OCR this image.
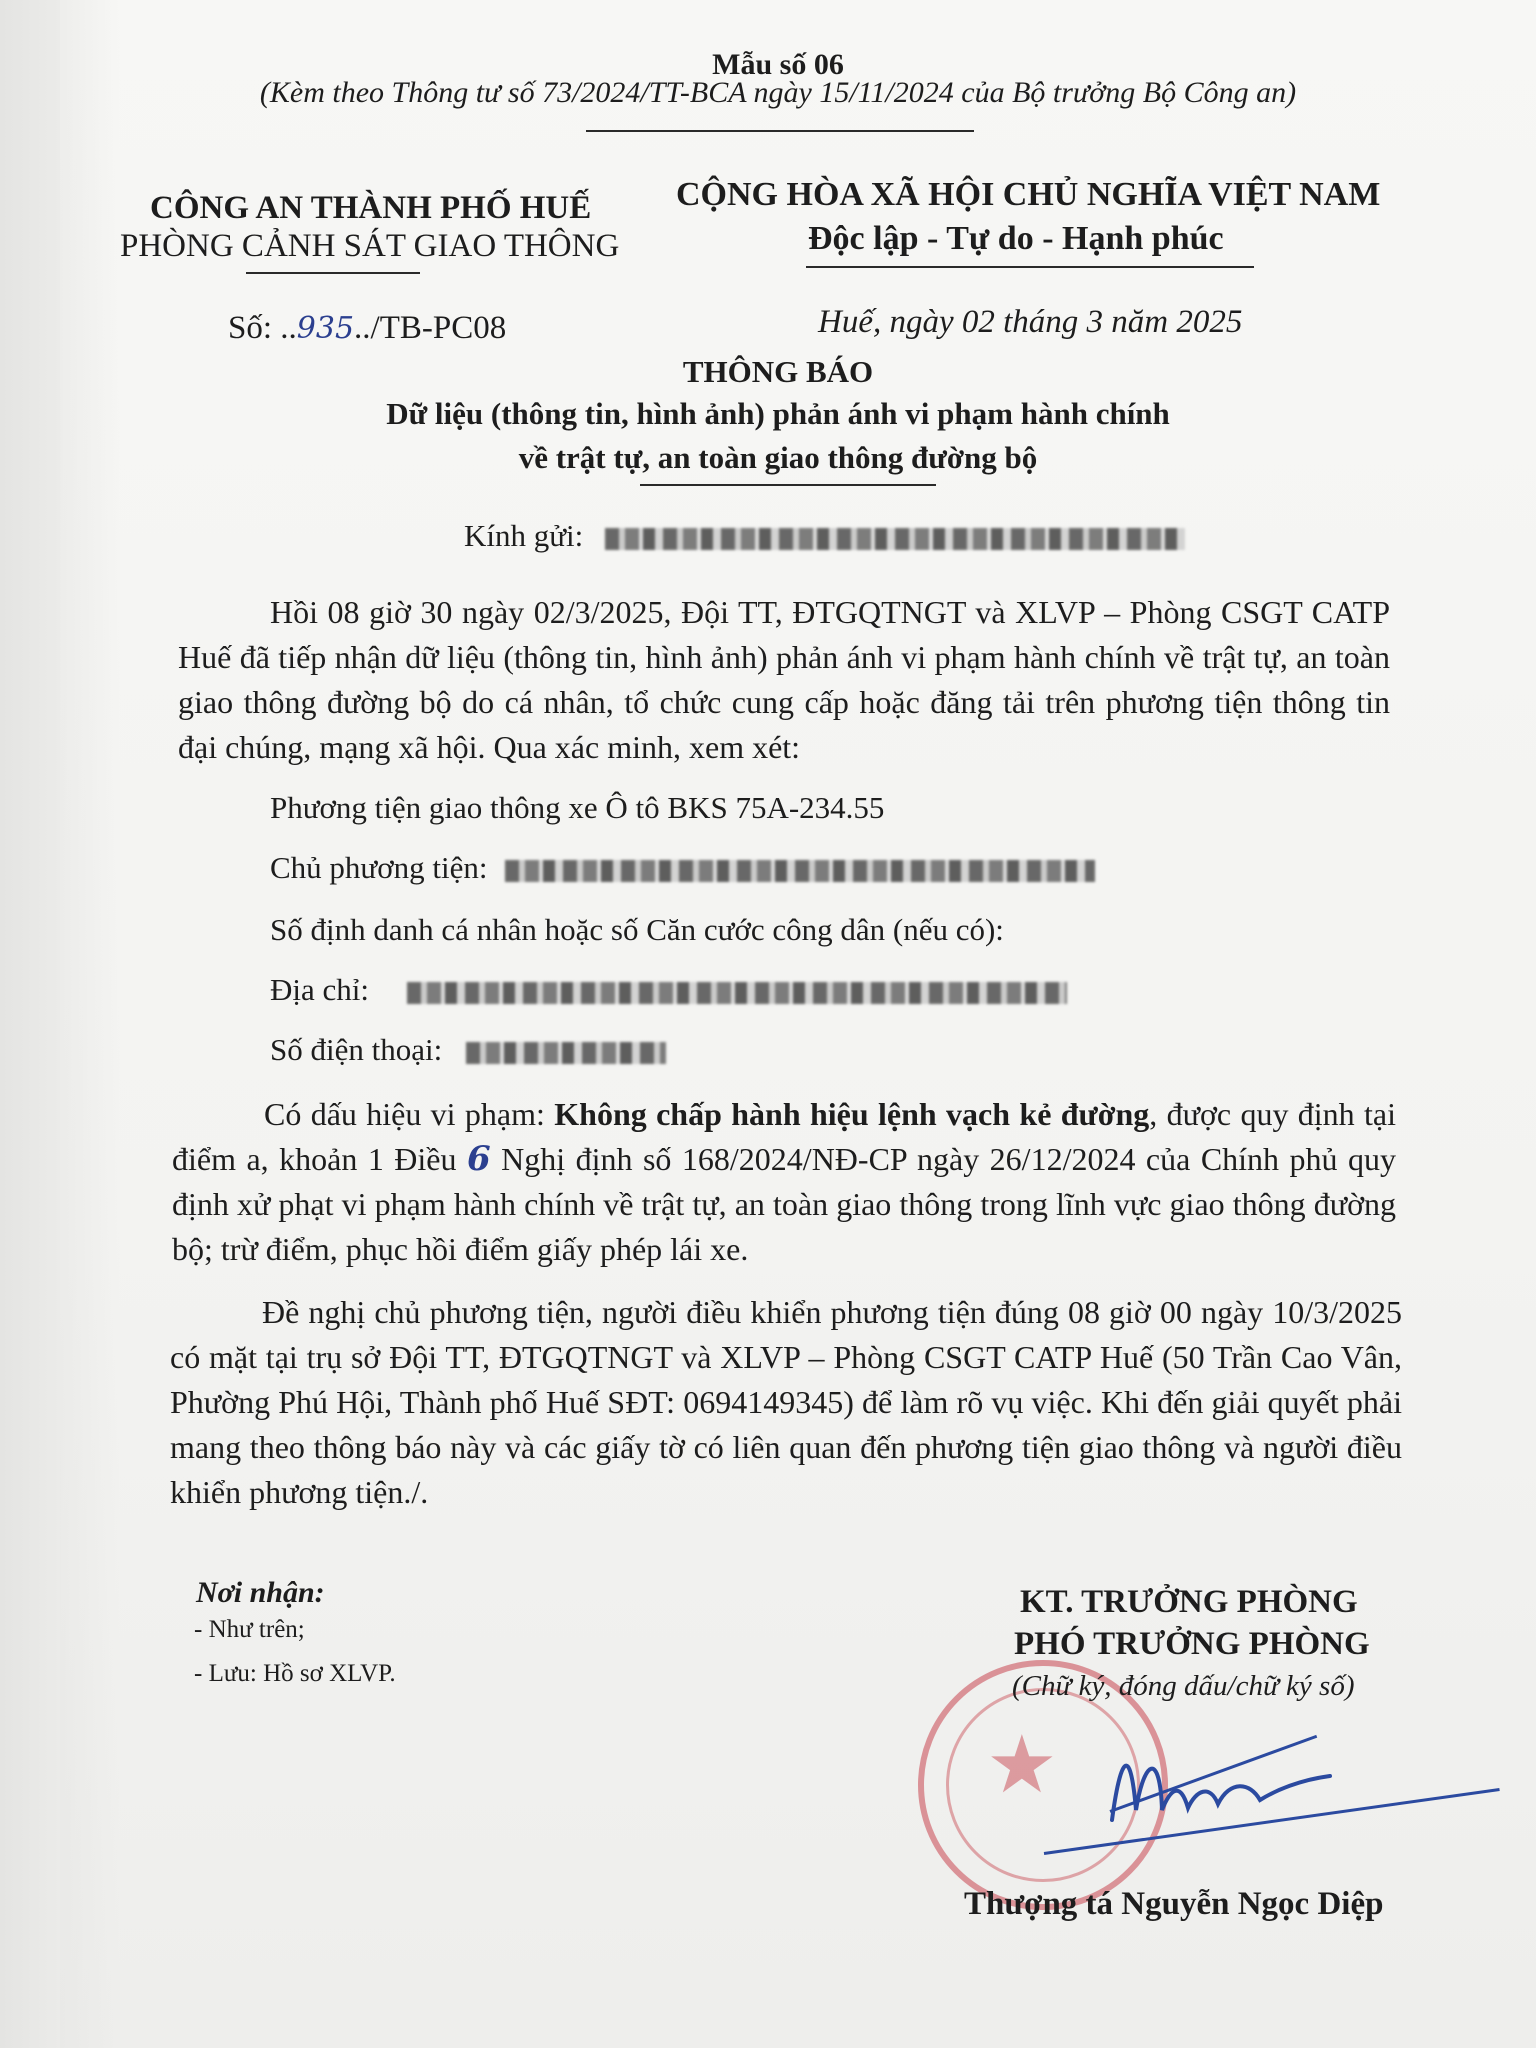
Mẫu số 06
(Kèm theo Thông tư số 73/2024/TT-BCA ngày 15/11/2024 của Bộ trưởng Bộ Công an)
CÔNG AN THÀNH PHỐ HUẾ
PHÒNG CẢNH SÁT GIAO THÔNG
Số: ..935../TB-PC08
CỘNG HÒA XÃ HỘI CHỦ NGHĨA VIỆT NAM
Độc lập - Tự do - Hạnh phúc
Huế, ngày 02 tháng 3 năm 2025
THÔNG BÁO
Dữ liệu (thông tin, hình ảnh) phản ánh vi phạm hành chính
về trật tự, an toàn giao thông đường bộ
Kính gửi:
Hồi 08 giờ 30 ngày 02/3/2025, Đội TT, ĐTGQTNGT và XLVP – Phòng CSGT CATP Huế đã tiếp nhận dữ liệu (thông tin, hình ảnh) phản ánh vi phạm hành chính về trật tự, an toàn giao thông đường bộ do cá nhân, tổ chức cung cấp hoặc đăng tải trên phương tiện thông tin đại chúng, mạng xã hội. Qua xác minh, xem xét:
Phương tiện giao thông xe Ô tô BKS 75A-234.55
Chủ phương tiện:
Số định danh cá nhân hoặc số Căn cước công dân (nếu có):
Địa chỉ:
Số điện thoại:
Có dấu hiệu vi phạm: Không chấp hành hiệu lệnh vạch kẻ đường, được quy định tại điểm a, khoản 1 Điều 6 Nghị định số 168/2024/NĐ-CP ngày 26/12/2024 của Chính phủ quy định xử phạt vi phạm hành chính về trật tự, an toàn giao thông trong lĩnh vực giao thông đường bộ; trừ điểm, phục hồi điểm giấy phép lái xe.
Đề nghị chủ phương tiện, người điều khiển phương tiện đúng 08 giờ 00 ngày 10/3/2025 có mặt tại trụ sở Đội TT, ĐTGQTNGT và XLVP – Phòng CSGT CATP Huế (50 Trần Cao Vân, Phường Phú Hội, Thành phố Huế SĐT: 0694149345) để làm rõ vụ việc. Khi đến giải quyết phải mang theo thông báo này và các giấy tờ có liên quan đến phương tiện giao thông và người điều khiển phương tiện./.
Nơi nhận:
- Như trên;
- Lưu: Hồ sơ XLVP.
★
KT. TRƯỞNG PHÒNG
PHÓ TRƯỞNG PHÒNG
(Chữ ký, đóng dấu/chữ ký số)
Thượng tá Nguyễn Ngọc Diệp
